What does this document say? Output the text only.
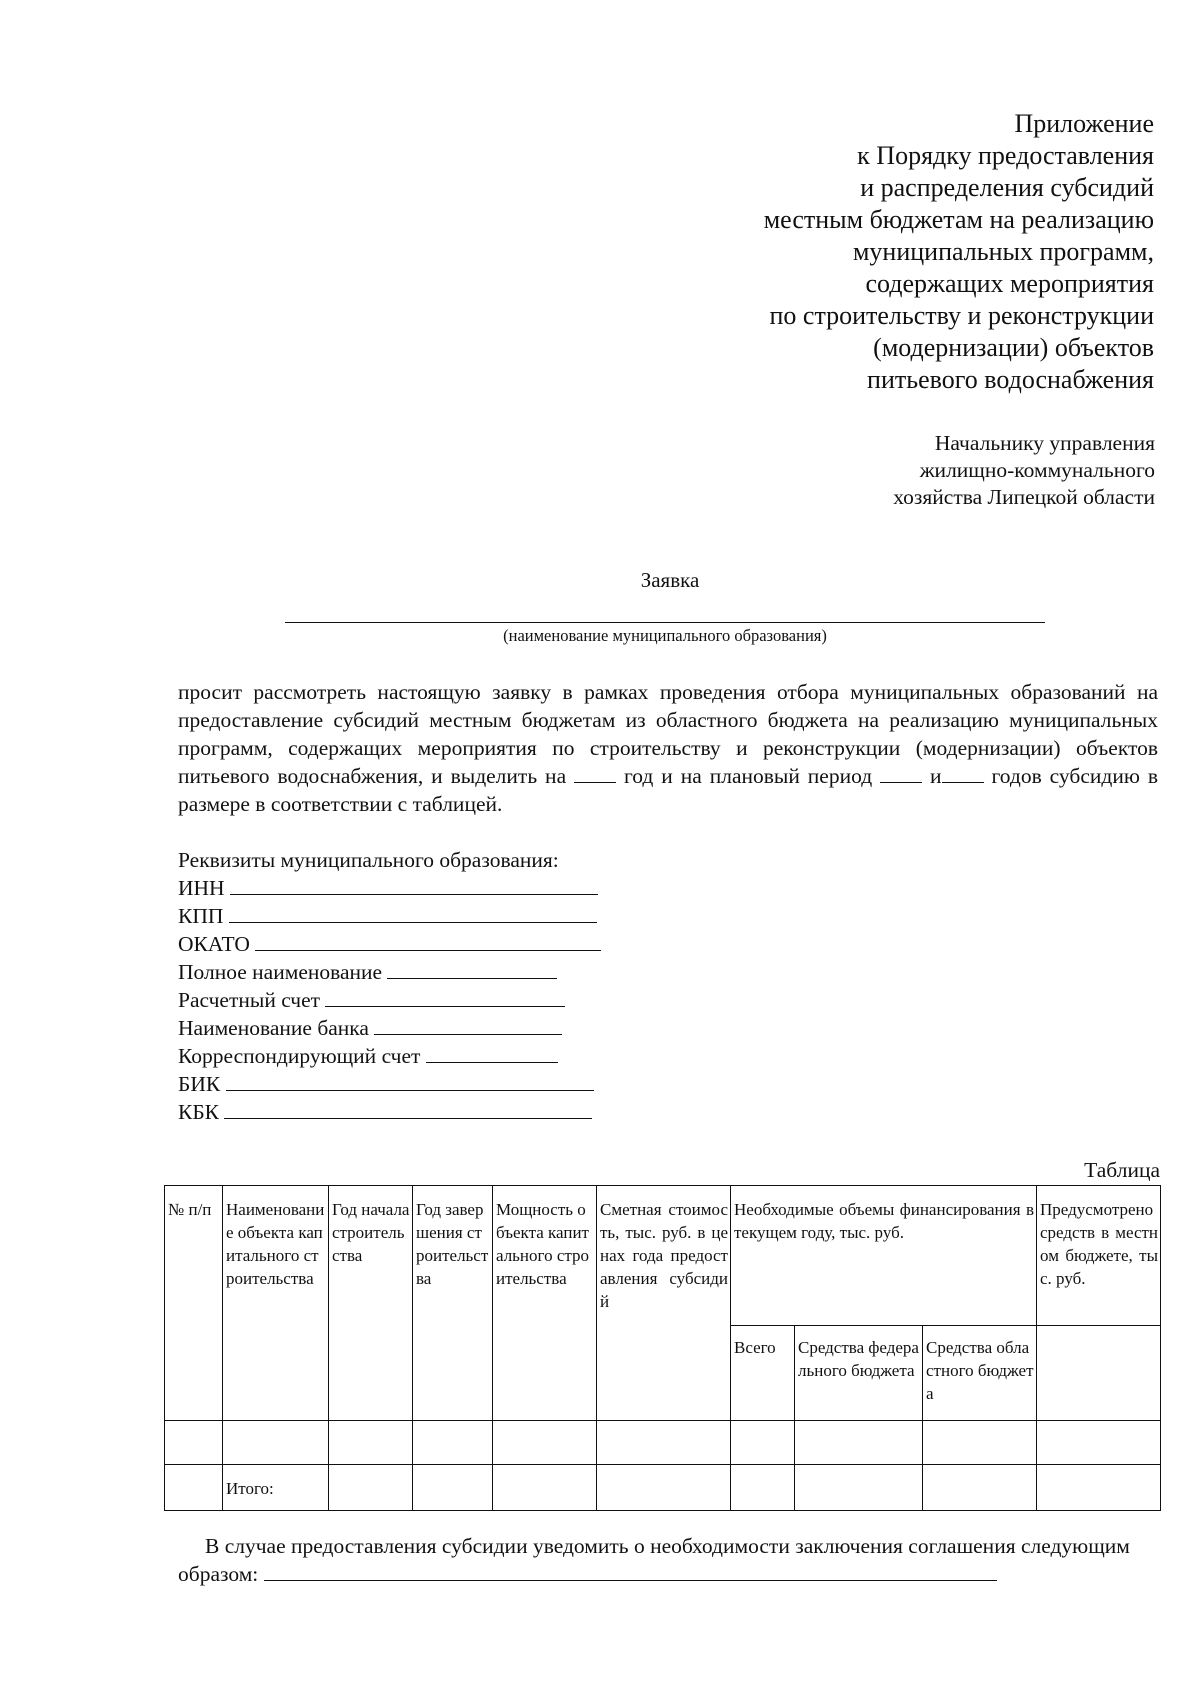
Приложение
к Порядку предоставления
и распределения субсидий
местным бюджетам на реализацию
муниципальных программ,
содержащих мероприятия
по строительству и реконструкции
(модернизации) объектов
питьевого водоснабжения
Начальнику управления
жилищно-коммунального
хозяйства Липецкой области
Заявка
(наименование муниципального образования)
просит рассмотреть настоящую заявку в рамках проведения отбора муниципальных образований на предоставление субсидий местным бюджетам из областного бюджета на реализацию муниципальных программ, содержащих мероприятия по строительству и реконструкции (модернизации) объектов питьевого водоснабжения, и выделить на	год и на плановый период	и годов субсидию в размере в соответствии с таблицей.
Реквизиты муниципального образования:
ИНН
КПП
ОКАТО
Полное наименование
Расчетный счет
Наименование банка
Корреспондирующий счет
БИК
КБК
Таблица
№ п/п	Наименование объекта капитального строительства	Год начала строительства	Год завершения строительства	Мощность объекта капитального строительства	Сметная стоимость, тыс. руб. в ценах года предоставления субсидий	Необходимые объемы финансирования в текущем году, тыс. руб.			Предусмотрено средств в местном бюджете, тыс. руб.
						Всего	Средства федерального бюджета	Средства областного бюджета	

	Итого:								
В случае предоставления субсидии уведомить о необходимости заключения соглашения следующим образом:
